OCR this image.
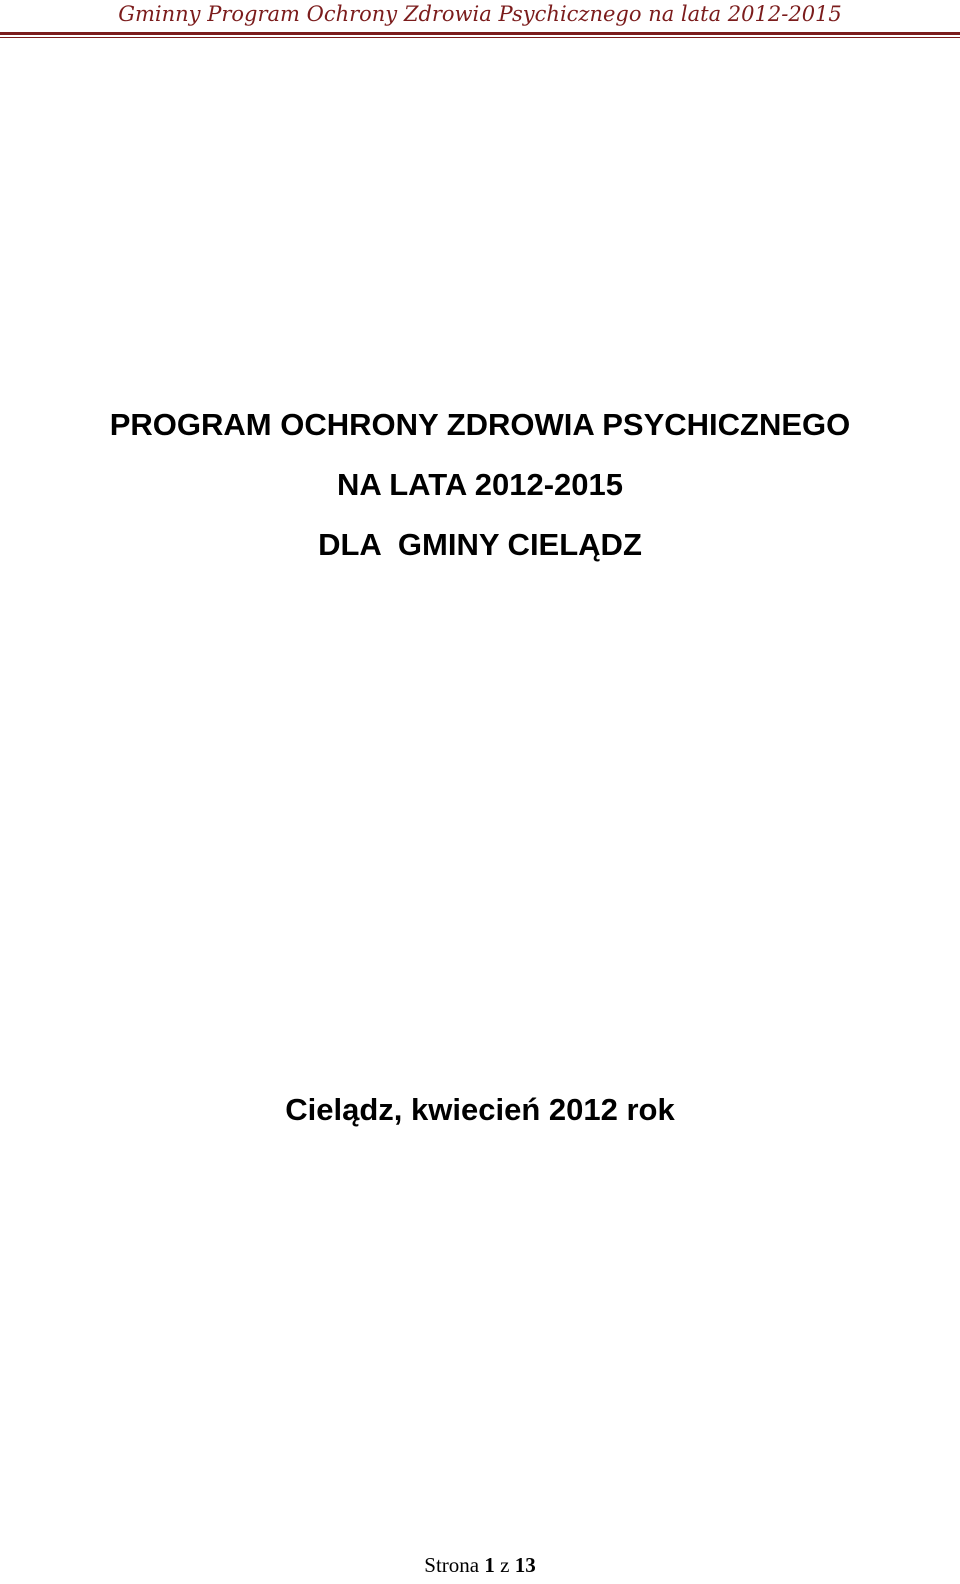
Gminny Program Ochrony Zdrowia Psychicznego na lata 2012-2015
PROGRAM OCHRONY ZDROWIA PSYCHICZNEGO
NA LATA 2012-2015
DLA  GMINY CIELĄDZ
Cielądz, kwiecień 2012 rok
Strona 1 z 13
